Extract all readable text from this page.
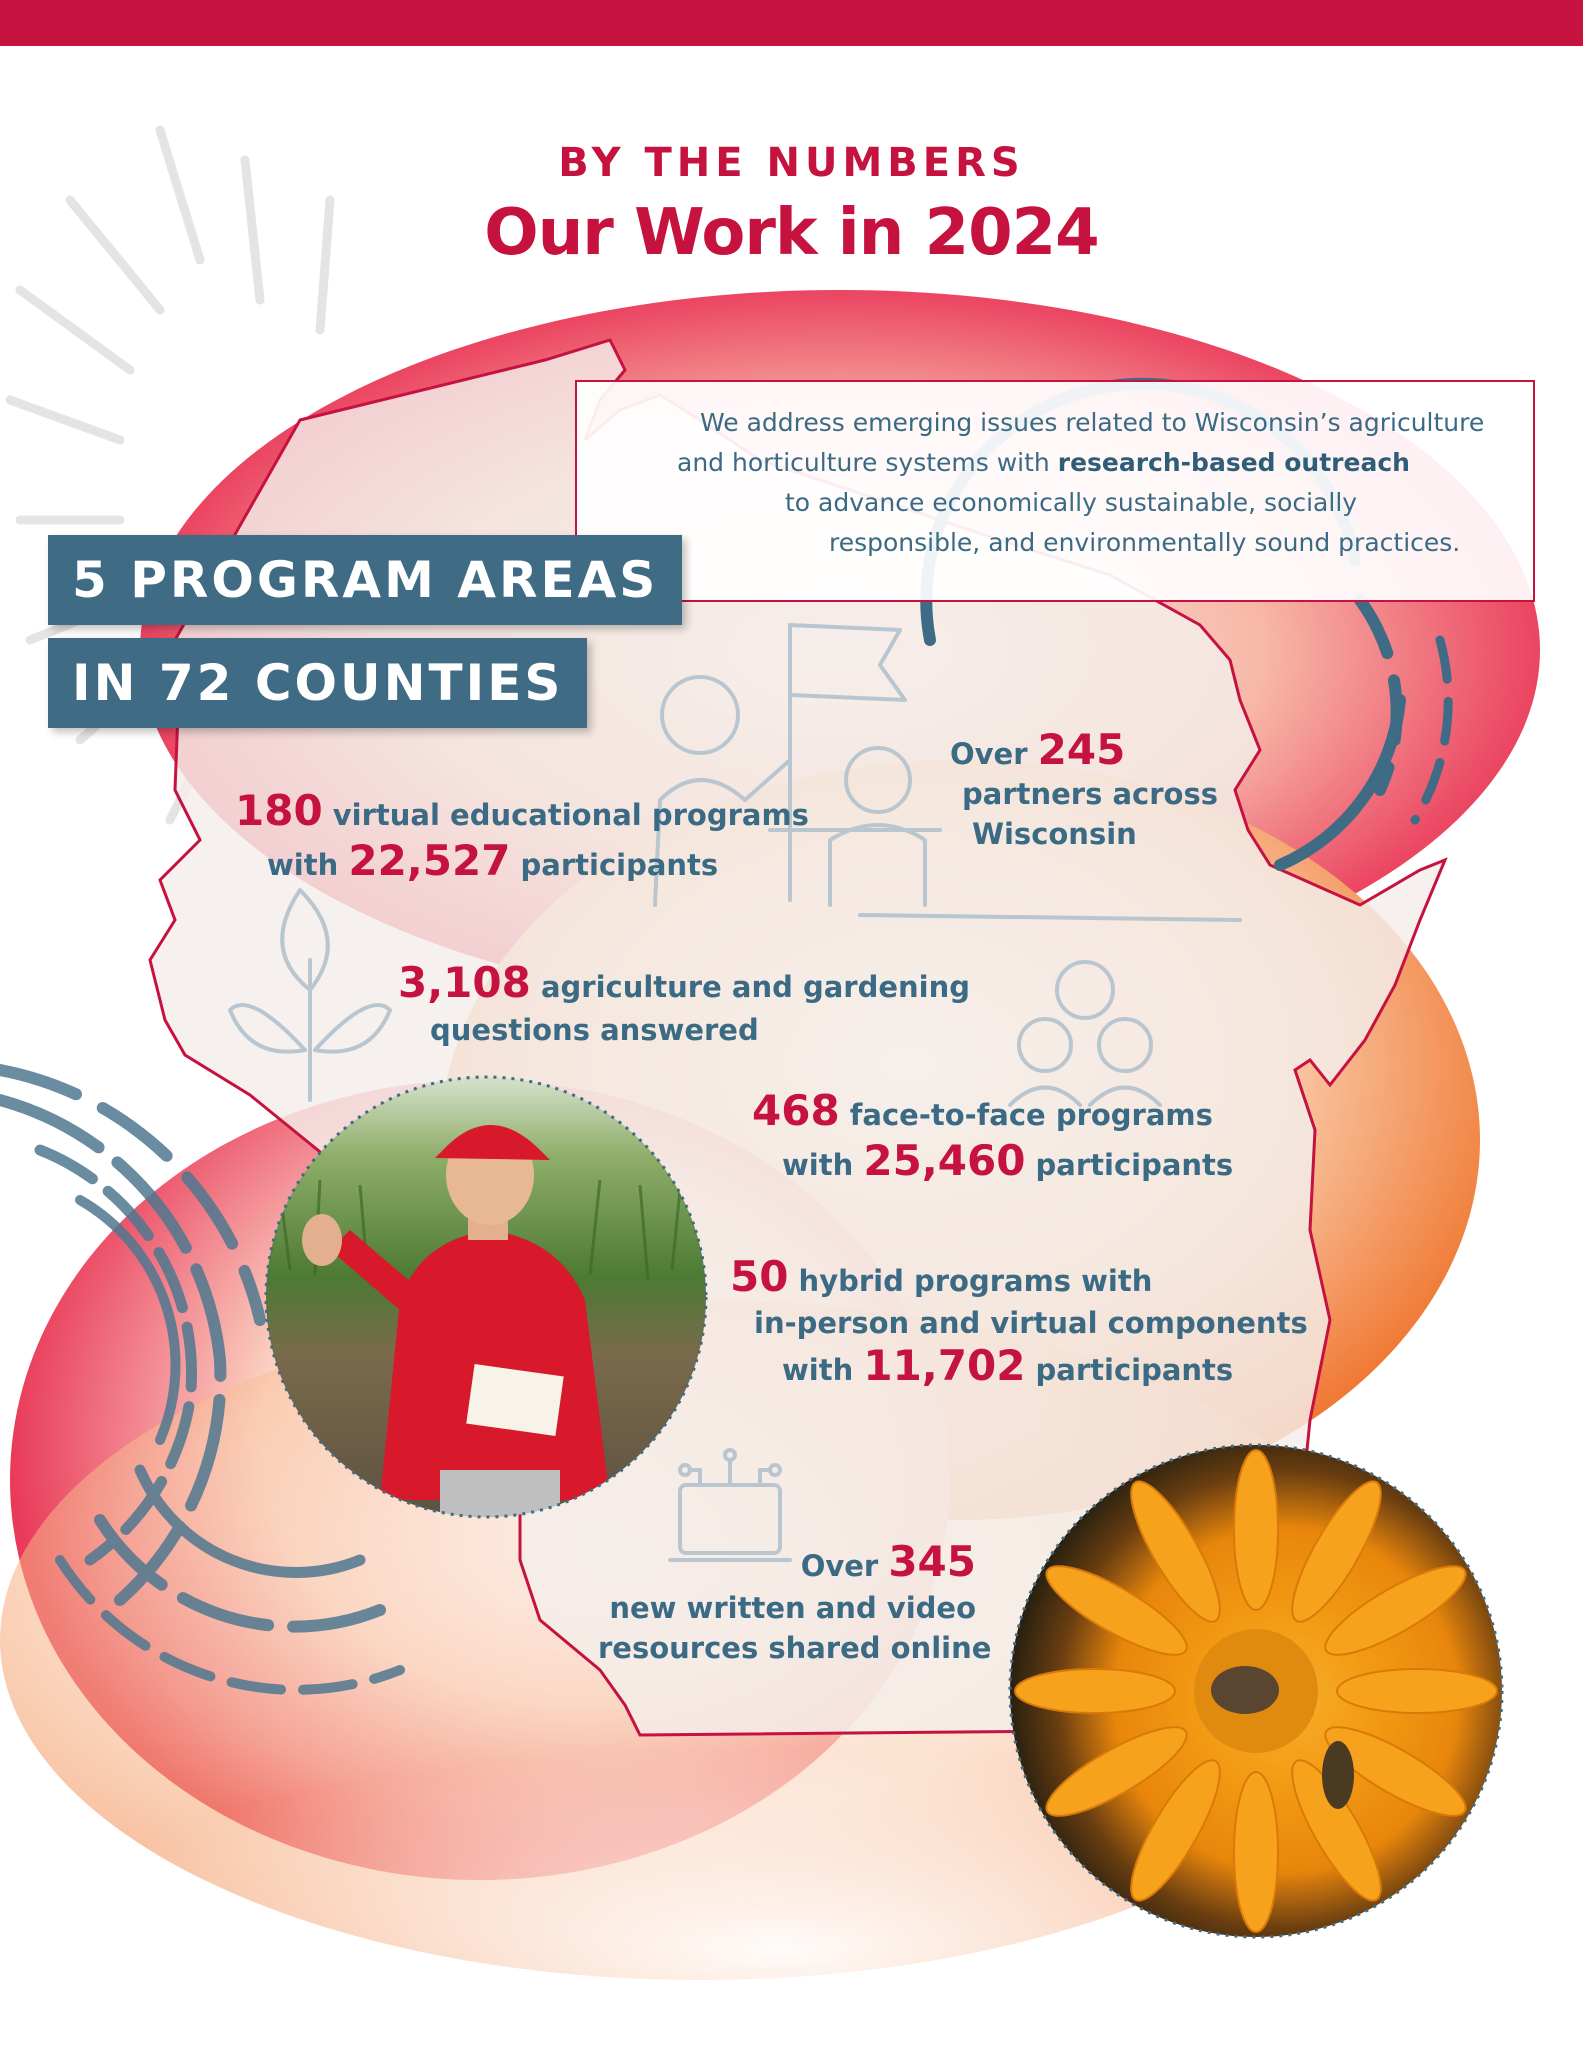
BY THE NUMBERS
Our Work in 2024

We address emerging issues related to Wisconsin’s agriculture

and horticulture systems with research-based outreach

to advance economically sustainable, socially

responsible, and environmentally sound practices.

5 PROGRAM AREAS
IN 72 COUNTIES
Over 245
partners across
Wisconsin
180 virtual educational programs
with 22,527 participants
3,108 agriculture and gardening
questions answered
468 face-to-face programs
with 25,460 participants
50 hybrid programs with
in-person and virtual components
with 11,702 participants
Over 345
new written and video
resources shared online
